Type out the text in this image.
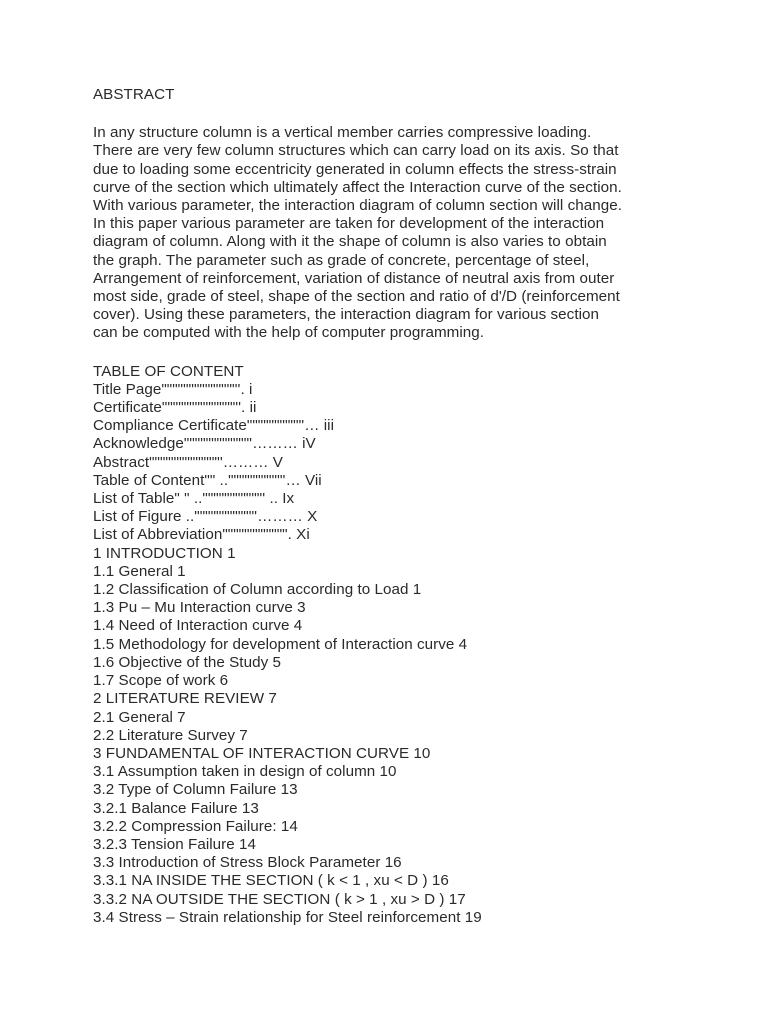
ABSTRACT

In any structure column is a vertical member carries compressive loading.

There are very few column structures which can carry load on its axis. So that

due to loading some eccentricity generated in column effects the stress-strain

curve of the section which ultimately affect the Interaction curve of the section.

With various parameter, the interaction diagram of column section will change.

In this paper various parameter are taken for development of the interaction

diagram of column. Along with it the shape of column is also varies to obtain

the graph. The parameter such as grade of concrete, percentage of steel,

Arrangement of reinforcement, variation of distance of neutral axis from outer

most side, grade of steel, shape of the section and ratio of d'/D (reinforcement

cover). Using these parameters, the interaction diagram for various section

can be computed with the help of computer programming.

TABLE OF CONTENT

Title Page""""""""""""""'. i

Certificate""""""""""""""'. ii

Compliance Certificate""""""""""'… iii

Acknowledge""""""""""""'……… iV

Abstract"""""""""""""'……… V

Table of Content"" ..""""""""""'… Vii

List of Table" " .."""""""""""' .. Ix

List of Figure .."""""""""""'……… X

List of Abbreviation"""""""""""". Xi

1 INTRODUCTION 1

1.1 General 1

1.2 Classification of Column according to Load 1

1.3 Pu – Mu Interaction curve 3

1.4 Need of Interaction curve 4

1.5 Methodology for development of Interaction curve 4

1.6 Objective of the Study 5

1.7 Scope of work 6

2 LITERATURE REVIEW 7

2.1 General 7

2.2 Literature Survey 7

3 FUNDAMENTAL OF INTERACTION CURVE 10

3.1 Assumption taken in design of column 10

3.2 Type of Column Failure 13

3.2.1 Balance Failure 13

3.2.2 Compression Failure: 14

3.2.3 Tension Failure 14

3.3 Introduction of Stress Block Parameter 16

3.3.1 NA INSIDE THE SECTION ( k < 1 , xu < D ) 16

3.3.2 NA OUTSIDE THE SECTION ( k > 1 , xu > D ) 17

3.4 Stress – Strain relationship for Steel reinforcement 19
